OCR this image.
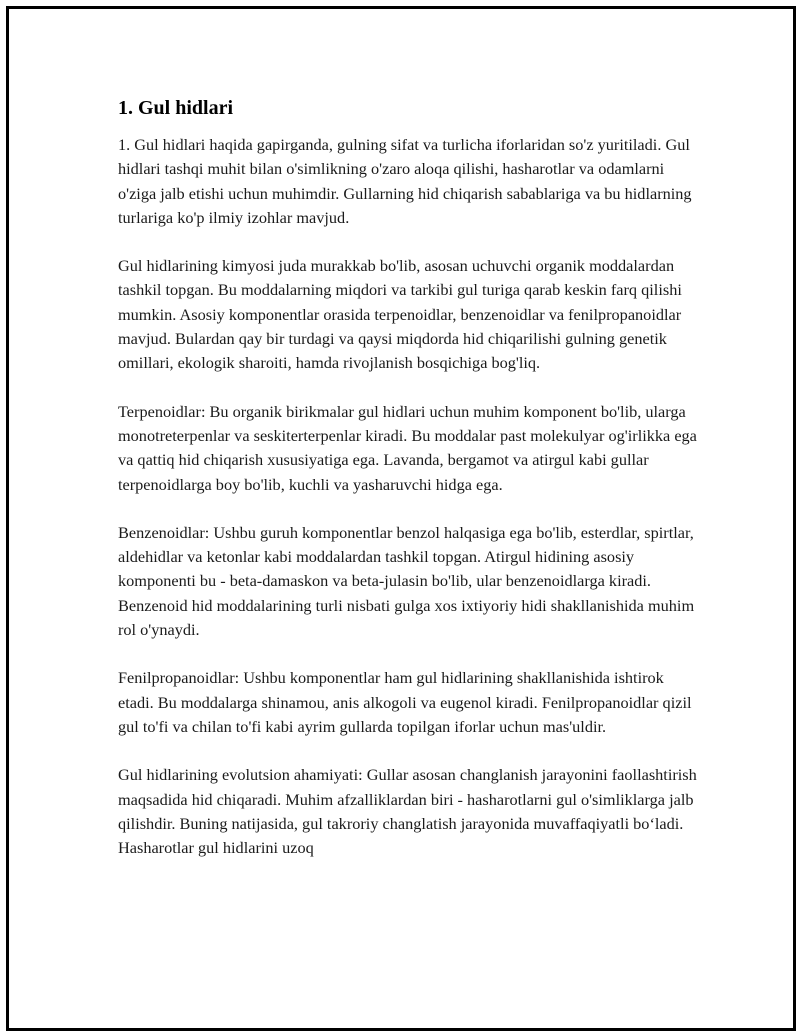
1. Gul hidlari

1. Gul hidlari haqida gapirganda, gulning sifat va turlicha iforlaridan so'z yuritiladi. Gul hidlari tashqi muhit bilan o'simlikning o'zaro aloqa qilishi, hasharotlar va odamlarni o'ziga jalb etishi uchun muhimdir. Gullarning hid chiqarish sabablariga va bu hidlarning turlariga ko'p ilmiy izohlar mavjud.

Gul hidlarining kimyosi juda murakkab bo'lib, asosan uchuvchi organik moddalardan tashkil topgan. Bu moddalarning miqdori va tarkibi gul turiga qarab keskin farq qilishi mumkin. Asosiy komponentlar orasida terpenoidlar, benzenoidlar va fenilpropanoidlar mavjud. Bulardan qay bir turdagi va qaysi miqdorda hid chiqarilishi gulning genetik omillari, ekologik sharoiti, hamda rivojlanish bosqichiga bog'liq.

Terpenoidlar: Bu organik birikmalar gul hidlari uchun muhim komponent bo'lib, ularga monotreterpenlar va seskiterterpenlar kiradi. Bu moddalar past molekulyar og'irlikka ega va qattiq hid chiqarish xususiyatiga ega. Lavanda, bergamot va atirgul kabi gullar terpenoidlarga boy bo'lib, kuchli va yasharuvchi hidga ega.

Benzenoidlar: Ushbu guruh komponentlar benzol halqasiga ega bo'lib, esterdlar, spirtlar, aldehidlar va ketonlar kabi moddalardan tashkil topgan. Atirgul hidining asosiy komponenti bu - beta-damaskon va beta-julasin bo'lib, ular benzenoidlarga kiradi. Benzenoid hid moddalarining turli nisbati gulga xos ixtiyoriy hidi shakllanishida muhim rol o'ynaydi.

Fenilpropanoidlar: Ushbu komponentlar ham gul hidlarining shakllanishida ishtirok etadi. Bu moddalarga shinamou, anis alkogoli va eugenol kiradi. Fenilpropanoidlar qizil gul to'fi va chilan to'fi kabi ayrim gullarda topilgan iforlar uchun mas'uldir.

Gul hidlarining evolutsion ahamiyati: Gullar asosan changlanish jarayonini faollashtirish maqsadida hid chiqaradi. Muhim afzalliklardan biri - hasharotlarni gul o'simliklarga jalb qilishdir. Buning natijasida, gul takroriy changlatish jarayonida muvaffaqiyatli bo‘ladi. Hasharotlar gul hidlarini uzoq
